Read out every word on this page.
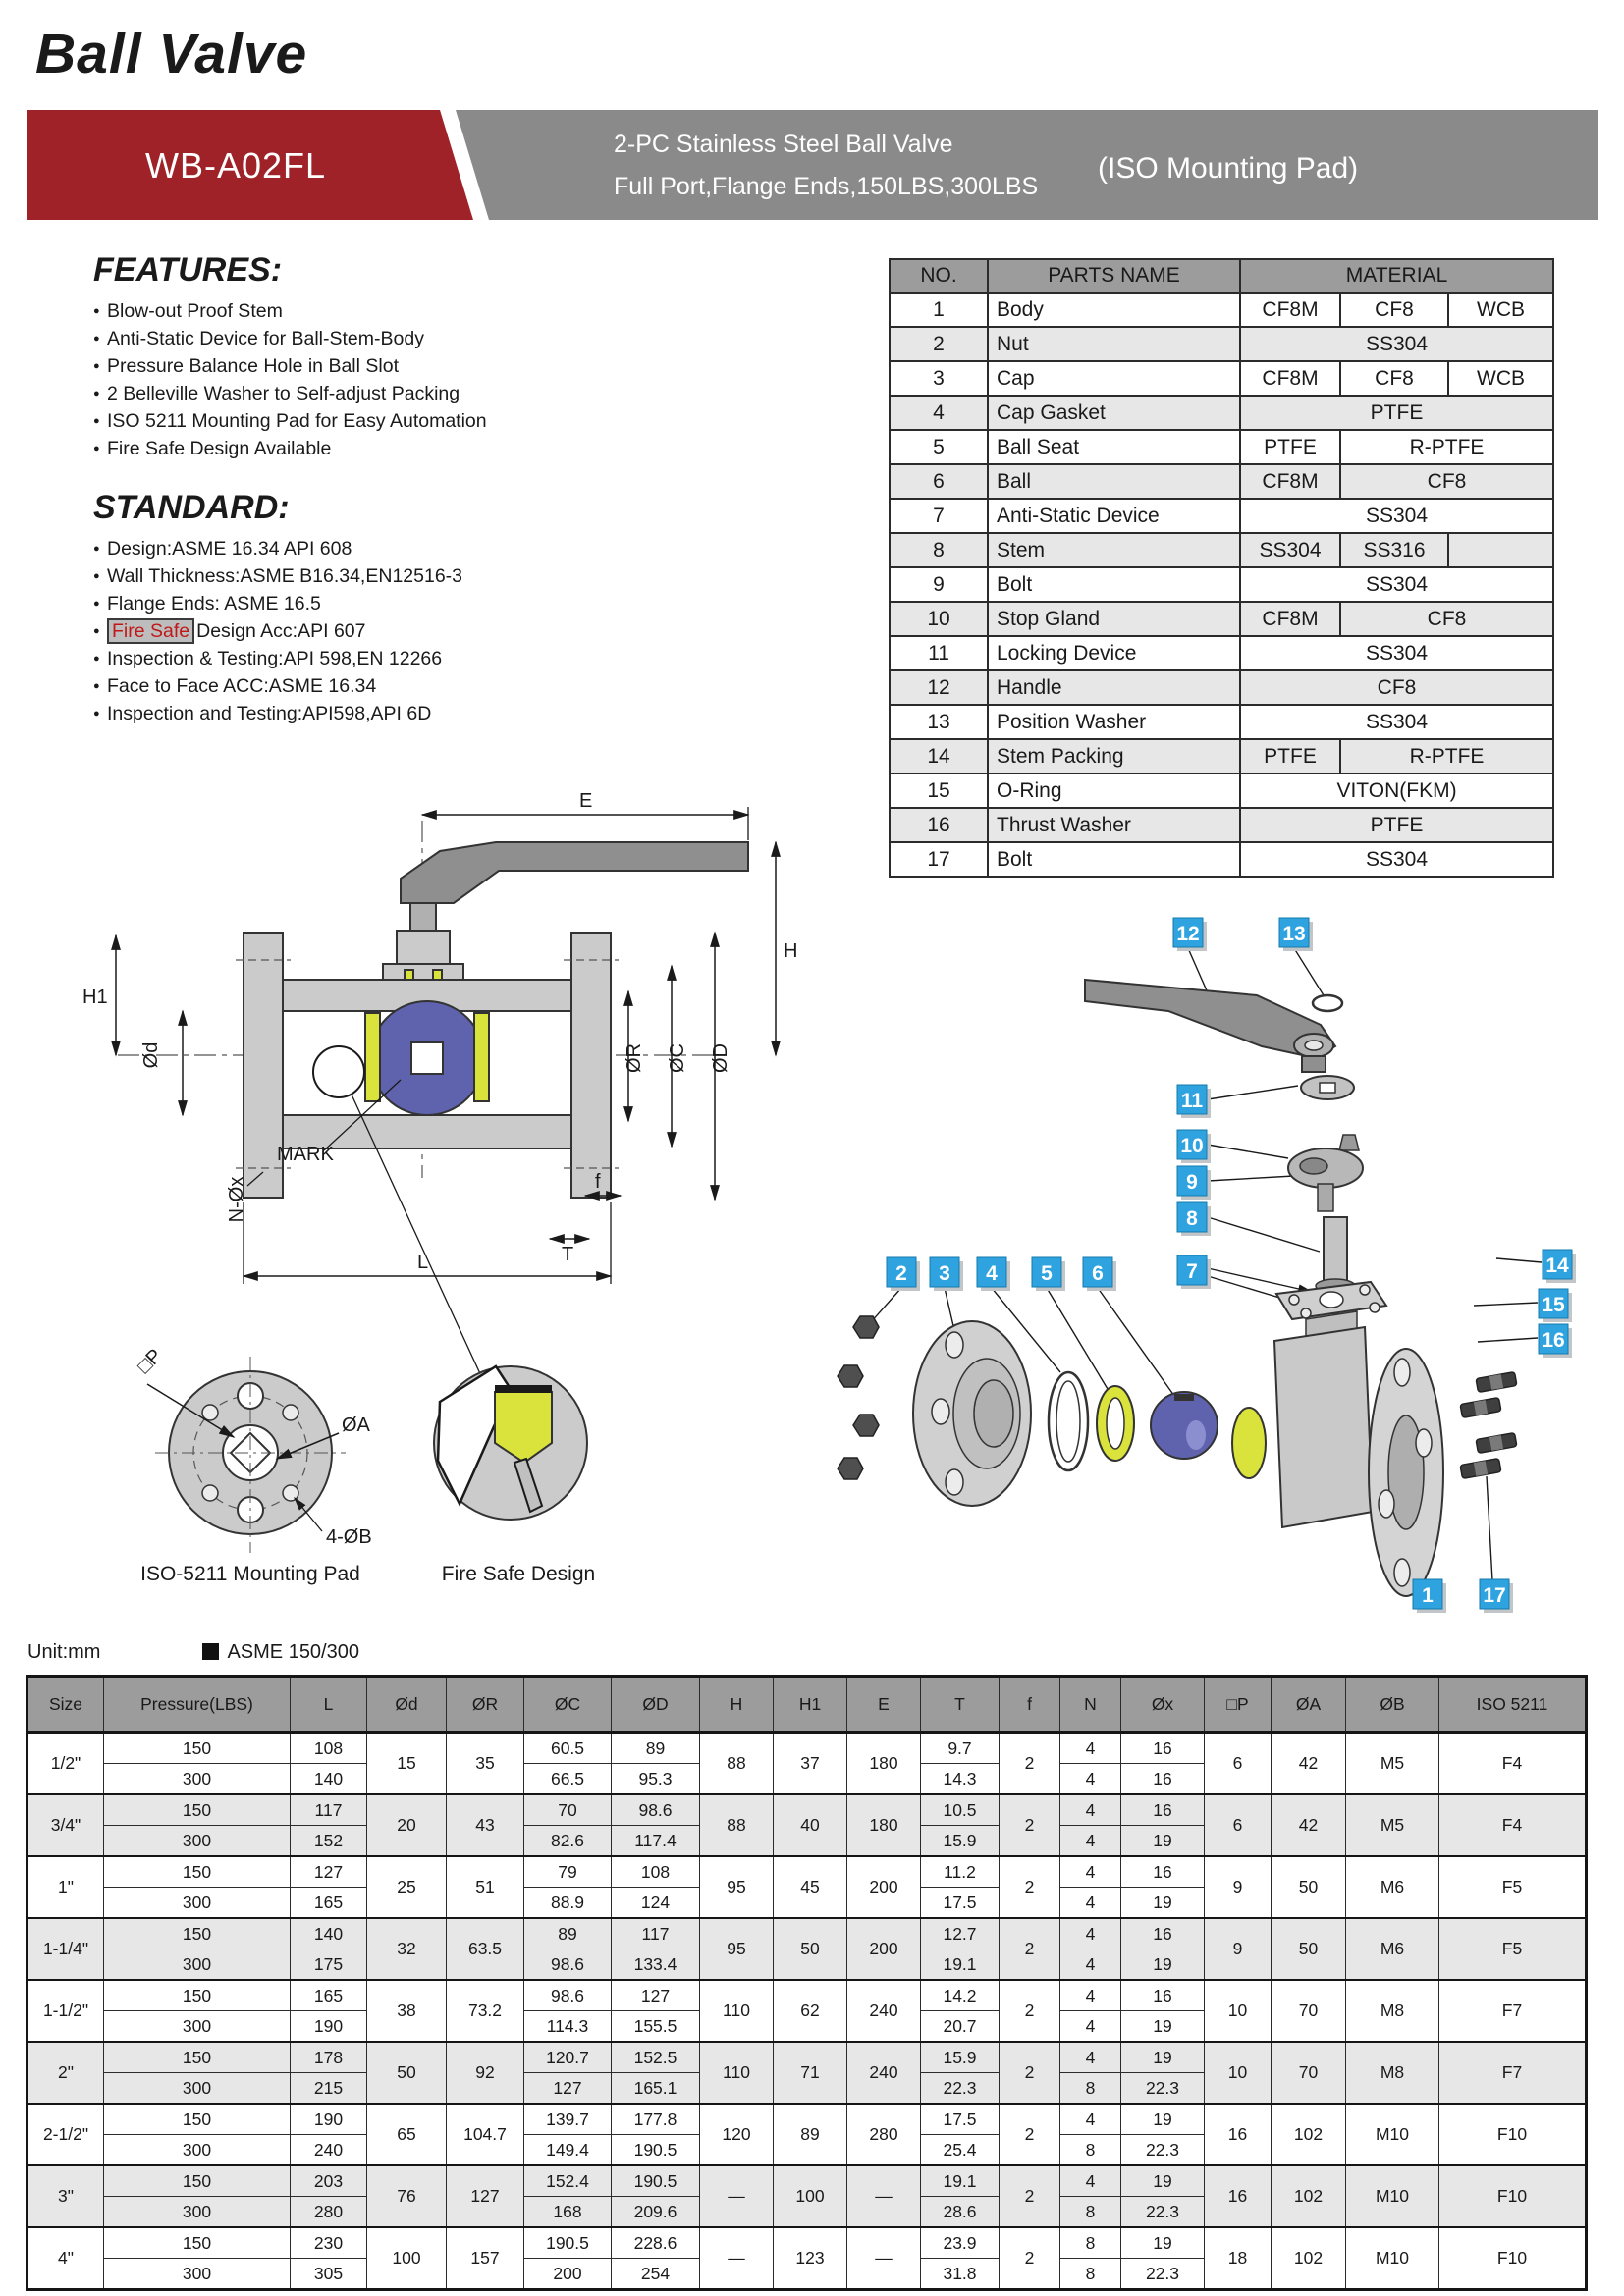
Ball Valve
WB-A02FL
2-PC Stainless Steel Ball Valve
Full Port,Flange Ends,150LBS,300LBS
(ISO Mounting Pad)
FEATURES:
● Blow-out Proof Stem
● Anti-Static Device for Ball-Stem-Body
● Pressure Balance Hole in Ball Slot
● 2 Belleville Washer to Self-adjust Packing
● ISO 5211 Mounting Pad for Easy Automation
● Fire Safe Design Available
STANDARD:
● Design:ASME 16.34 API 608
● Wall Thickness:ASME B16.34,EN12516-3
● Flange Ends: ASME 16.5
● Fire Safe Design Acc:API 607
● Inspection & Testing:API 598,EN 12266
● Face to Face ACC:ASME 16.34
● Inspection and Testing:API598,API 6D
NO.	PARTS NAME	MATERIAL		
1	Body	CF8M	CF8	WCB
2	Nut	SS304		
3	Cap	CF8M	CF8	WCB
4	Cap Gasket	PTFE		
5	Ball Seat	PTFE	R-PTFE	
6	Ball	CF8M	CF8	
7	Anti-Static Device	SS304		
8	Stem	SS304	SS316	
9	Bolt	SS304		
10	Stop Gland	CF8M	CF8	
11	Locking Device	SS304		
12	Handle	CF8		
13	Position Washer	SS304		
14	Stem Packing	PTFE	R-PTFE	
15	O-Ring	VITON(FKM)		
16	Thrust Washer	PTFE		
17	Bolt	SS304		
E
H
H1
Ød	ØR ØC ØD
MARK
N-Øx	f
T
L
□P
ØA
4-ØB
ISO-5211 Mounting Pad	Fire Safe Design
1
2 3 4 5 6	7
8
9
10
11
12	13
14
15
16
17
Unit:mm	ASME 150/300
Size	Pressure(LBS)	L	Ød	ØR	ØC	ØD	H	H1	E	T	f	N	Øx	□P	ØA	ØB	ISO 5211
1/2"	150	108	15	35	60.5	89	88	37	180	9.7	2	4	16	6	42	M5	F4
	300	140			66.5	95.3				14.3		4	16				
3/4"	150	117	20	43	70	98.6	88	40	180	10.5	2	4	16	6	42	M5	F4
	300	152			82.6	117.4				15.9		4	19				
1"	150	127	25	51	79	108	95	45	200	11.2	2	4	16	9	50	M6	F5
	300	165			88.9	124				17.5		4	19				
1-1/4"	150	140	32	63.5	89	117	95	50	200	12.7	2	4	16	9	50	M6	F5
	300	175			98.6	133.4				19.1		4	19				
1-1/2"	150	165	38	73.2	98.6	127	110	62	240	14.2	2	4	16	10	70	M8	F7
	300	190			114.3	155.5				20.7		4	19				
2"	150	178	50	92	120.7	152.5	110	71	240	15.9	2	4	19	10	70	M8	F7
	300	215			127	165.1				22.3		8	22.3				
2-1/2"	150	190	65	104.7	139.7	177.8	120	89	280	17.5	2	4	19	16	102	M10	F10
	300	240			149.4	190.5				25.4		8	22.3				
3"	150	203	76	127	152.4	190.5	—	100	—	19.1	2	4	19	16	102	M10	F10
	300	280			168	209.6				28.6		8	22.3				
4"	150	230	100	157	190.5	228.6	—	123	—	23.9	2	8	19	18	102	M10	F10
	300	305			200	254				31.8		8	22.3				
